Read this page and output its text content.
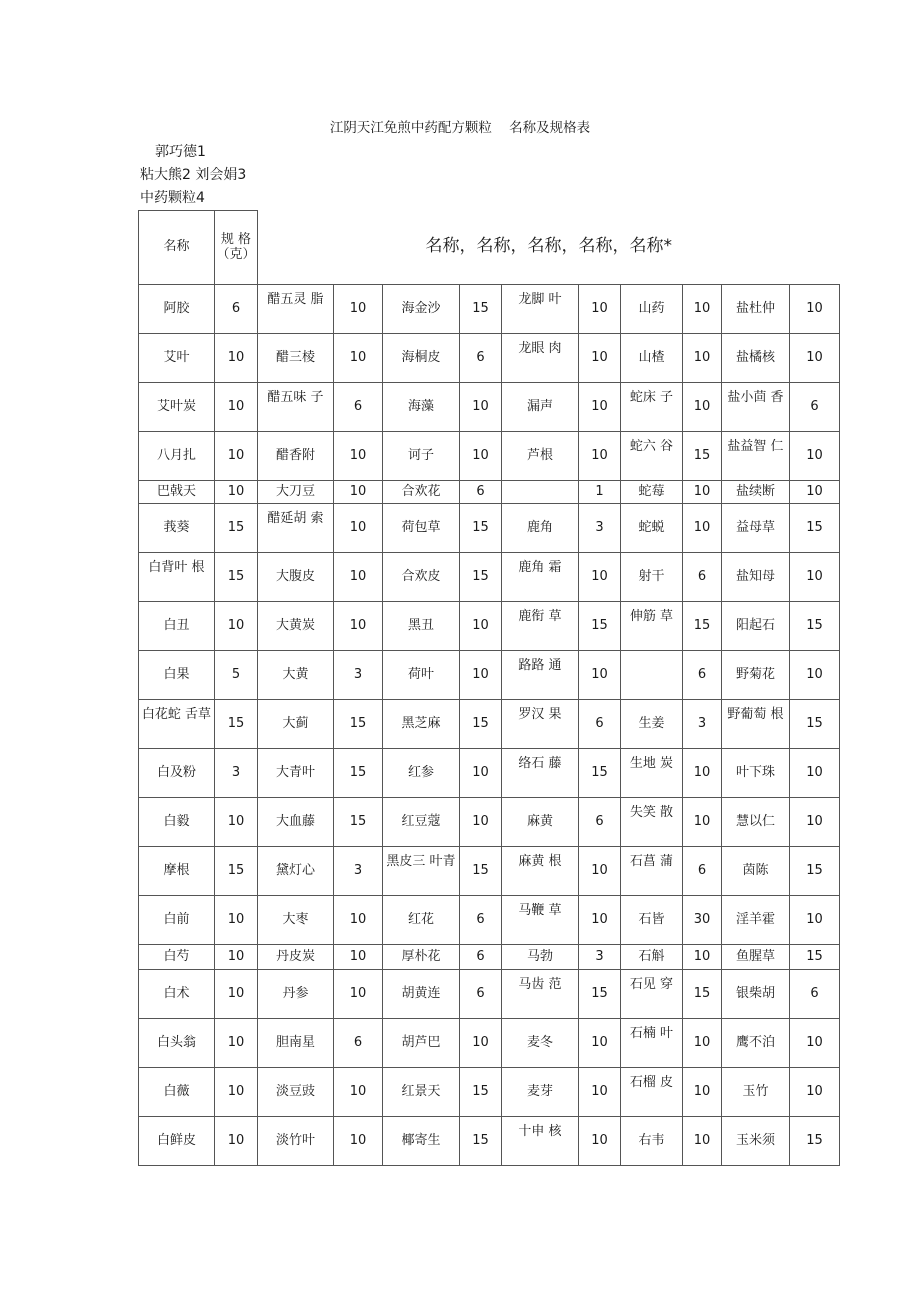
江阴天江免煎中药配方颗粒    名称及规格表
郭巧德1
粘大熊2 刘会娟3
中药颗粒4
名称	规 格
（克）	名称，名称，名称，名称，名称*									
阿胶	6	醋五灵 脂	10	海金沙	15	龙脚 叶	10	山药	10	盐杜仲	10
艾叶	10	醋三棱	10	海桐皮	6	龙眼 肉	10	山楂	10	盐橘核	10
艾叶炭	10	醋五味 子	6	海藻	10	漏声	10	蛇床 子	10	盐小茴 香	6
八月扎	10	醋香附	10	诃子	10	芦根	10	蛇六 谷	15	盐益智 仁	10
巴戟天	10	大刀豆	10	合欢花	6		1	蛇莓	10	盐续断	10
莪葵	15	醋延胡 索	10	荷包草	15	鹿角	3	蛇蜕	10	益母草	15
白背叶 根	15	大腹皮	10	合欢皮	15	鹿角 霜	10	射干	6	盐知母	10
白丑	10	大黄炭	10	黑丑	10	鹿衔 草	15	伸筋 草	15	阳起石	15
白果	5	大黄	3	荷叶	10	路路 通	10		6	野菊花	10
白花蛇 舌草	15	大蓟	15	黑芝麻	15	罗汉 果	6	生姜	3	野葡萄 根	15
白及粉	3	大青叶	15	红参	10	络石 藤	15	生地 炭	10	叶下珠	10
白毅	10	大血藤	15	红豆蔻	10	麻黄	6	失笑 散	10	慧以仁	10
摩根	15	黛灯心	3	黑皮三 叶青	15	麻黄 根	10	石菖 蒲	6	茵陈	15
白前	10	大枣	10	红花	6	马鞭 草	10	石皆	30	淫羊霍	10
白芍	10	丹皮炭	10	厚朴花	6	马勃	3	石斛	10	鱼腥草	15
白术	10	丹参	10	胡黄连	6	马齿 范	15	石见 穿	15	银柴胡	6
白头翁	10	胆南星	6	胡芦巴	10	麦冬	10	石楠 叶	10	鹰不泊	10
白薇	10	淡豆豉	10	红景天	15	麦芽	10	石榴 皮	10	玉竹	10
白鲜皮	10	淡竹叶	10	椰寄生	15	十申 核	10	右韦	10	玉米须	15
